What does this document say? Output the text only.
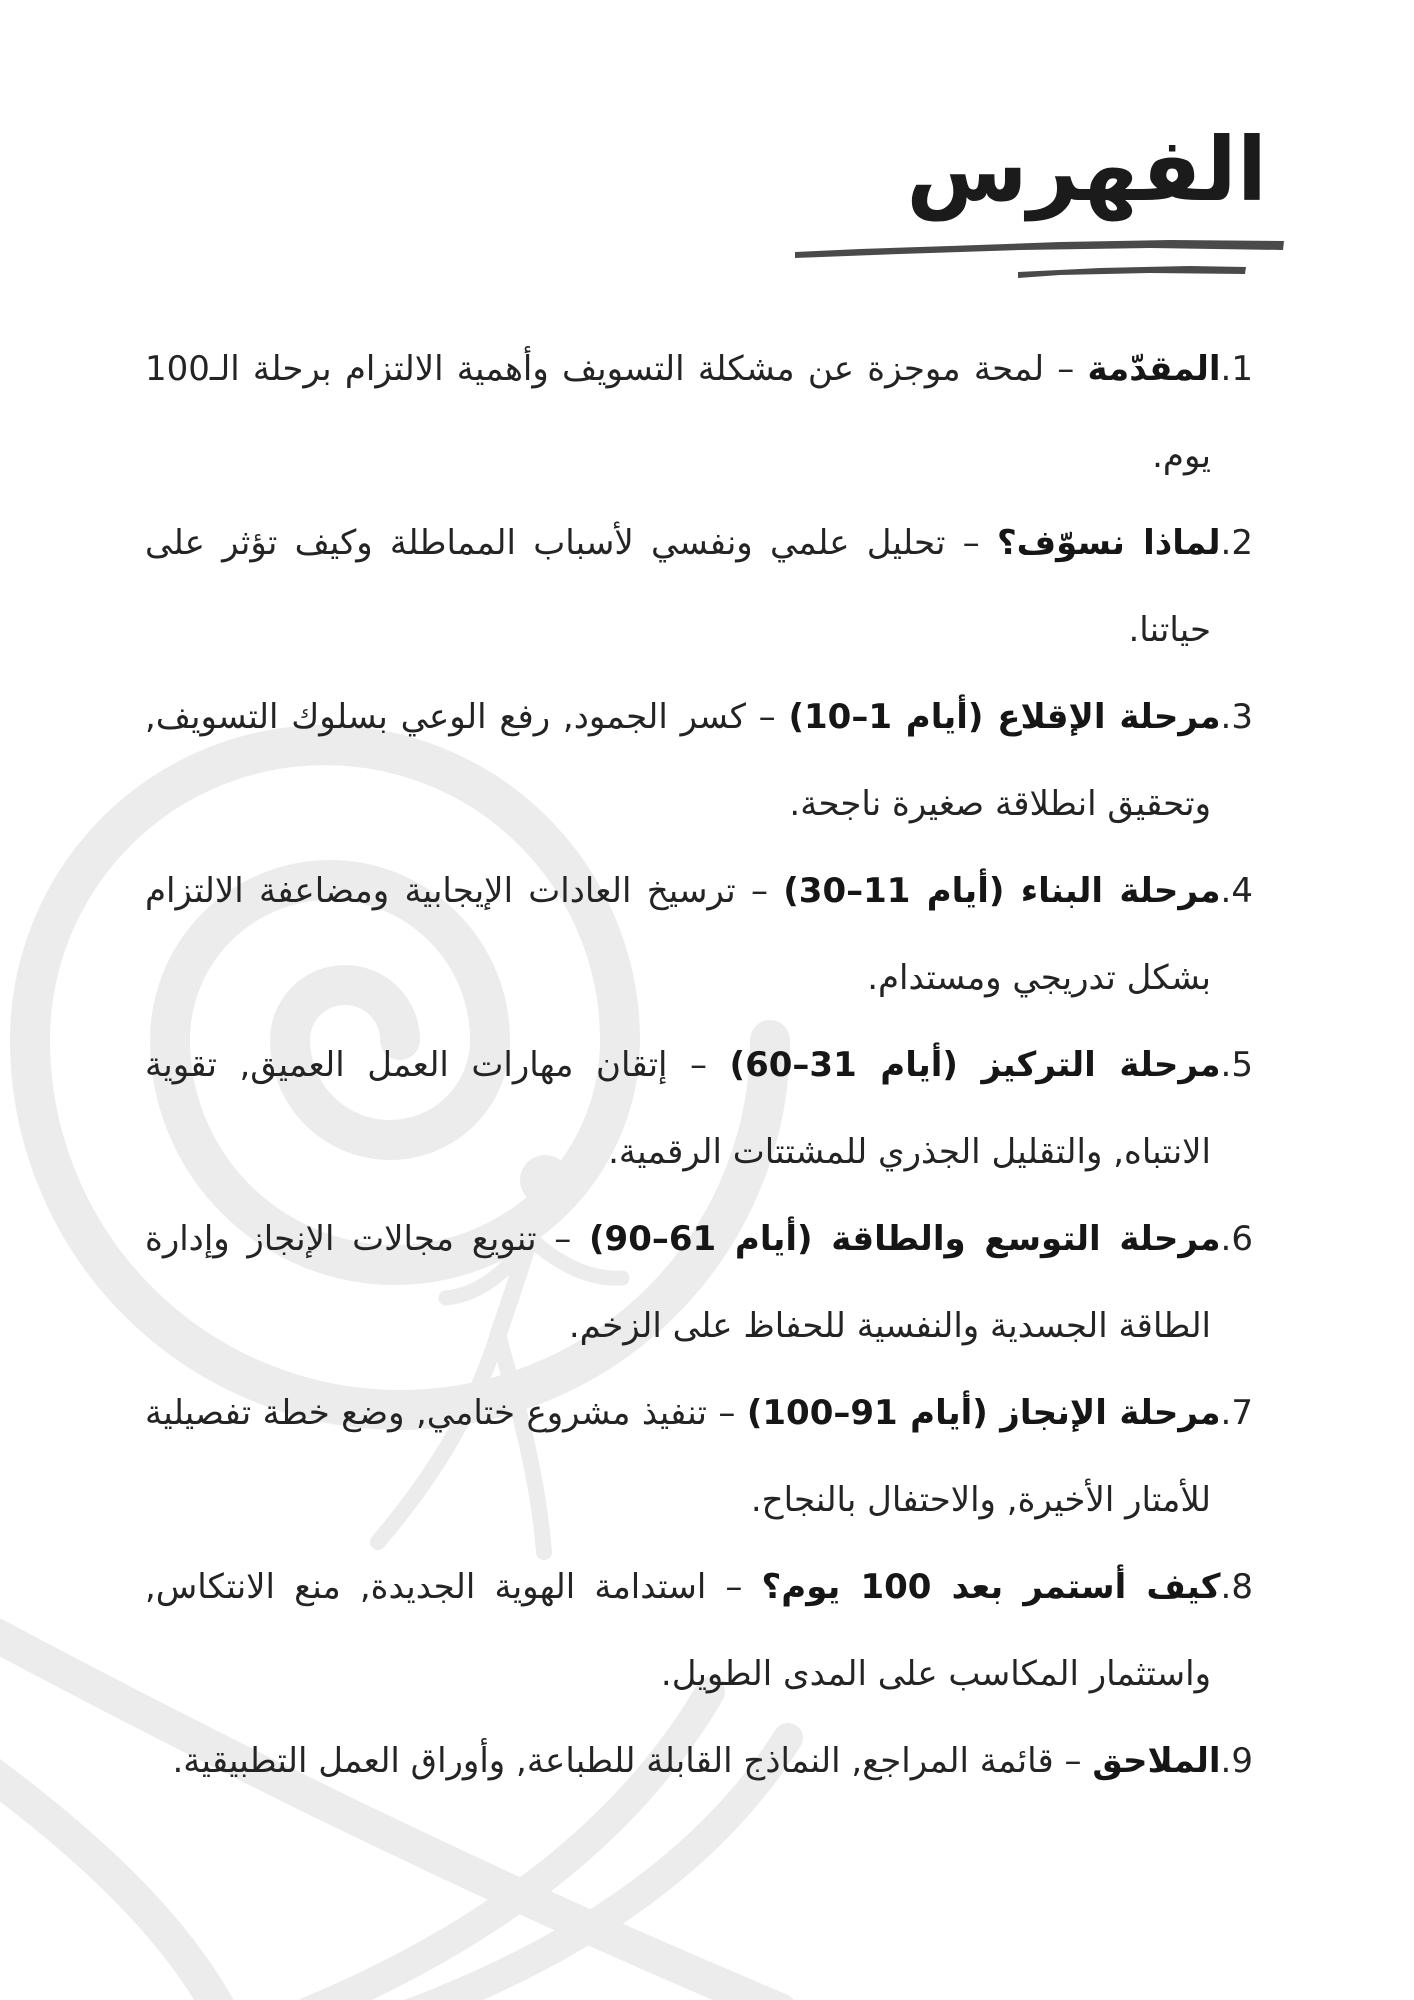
الفهرس
1.المقدّمة – لمحة موجزة عن مشكلة التسويف وأهمية الالتزام برحلة الـ100 يوم.
2.لماذا نسوّف؟ – تحليل علمي ونفسي لأسباب المماطلة وكيف تؤثر على حياتنا.
3.مرحلة الإقلاع (أيام 1–10) – كسر الجمود, رفع الوعي بسلوك التسويف, وتحقيق انطلاقة صغيرة ناجحة.
4.مرحلة البناء (أيام 11–30) – ترسيخ العادات الإيجابية ومضاعفة الالتزام بشكل تدريجي ومستدام.
5.مرحلة التركيز (أيام 31–60) – إتقان مهارات العمل العميق, تقوية الانتباه, والتقليل الجذري للمشتتات الرقمية.
6.مرحلة التوسع والطاقة (أيام 61–90) – تنويع مجالات الإنجاز وإدارة الطاقة الجسدية والنفسية للحفاظ على الزخم.
7.مرحلة الإنجاز (أيام 91–100) – تنفيذ مشروع ختامي, وضع خطة تفصيلية للأمتار الأخيرة, والاحتفال بالنجاح.
8.كيف أستمر بعد 100 يوم؟ – استدامة الهوية الجديدة, منع الانتكاس, واستثمار المكاسب على المدى الطويل.
9.الملاحق – قائمة المراجع, النماذج القابلة للطباعة, وأوراق العمل التطبيقية.
